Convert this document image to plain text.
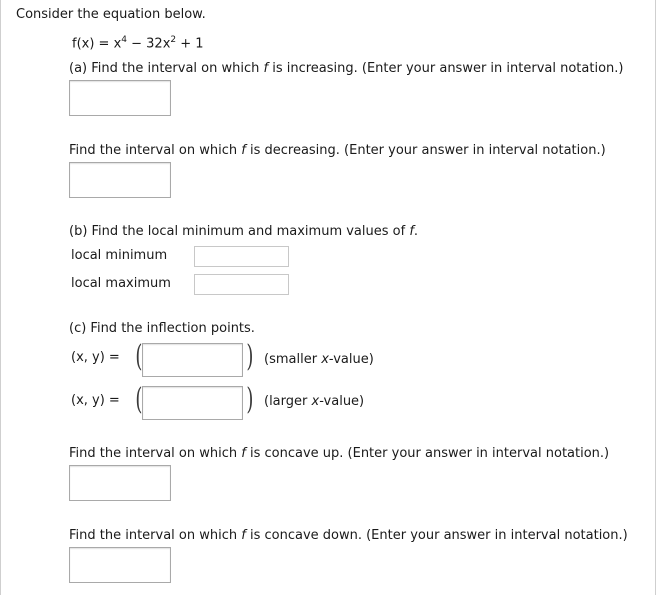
Consider the equation below.
$f(x) = x^4 - 32x^2 + 1$
(a) Find the interval on which f is increasing. (Enter your answer in interval notation.)
Find the interval on which f is decreasing. (Enter your answer in interval notation.)
(b) Find the local minimum and maximum values of f.
local minimum
local maximum
(c) Find the inflection points.
(x, y) = (	) (smaller x-value)
(x, y) = (	) (larger x-value)
Find the interval on which f is concave up. (Enter your answer in interval notation.)
Find the interval on which f is concave down. (Enter your answer in interval notation.)
